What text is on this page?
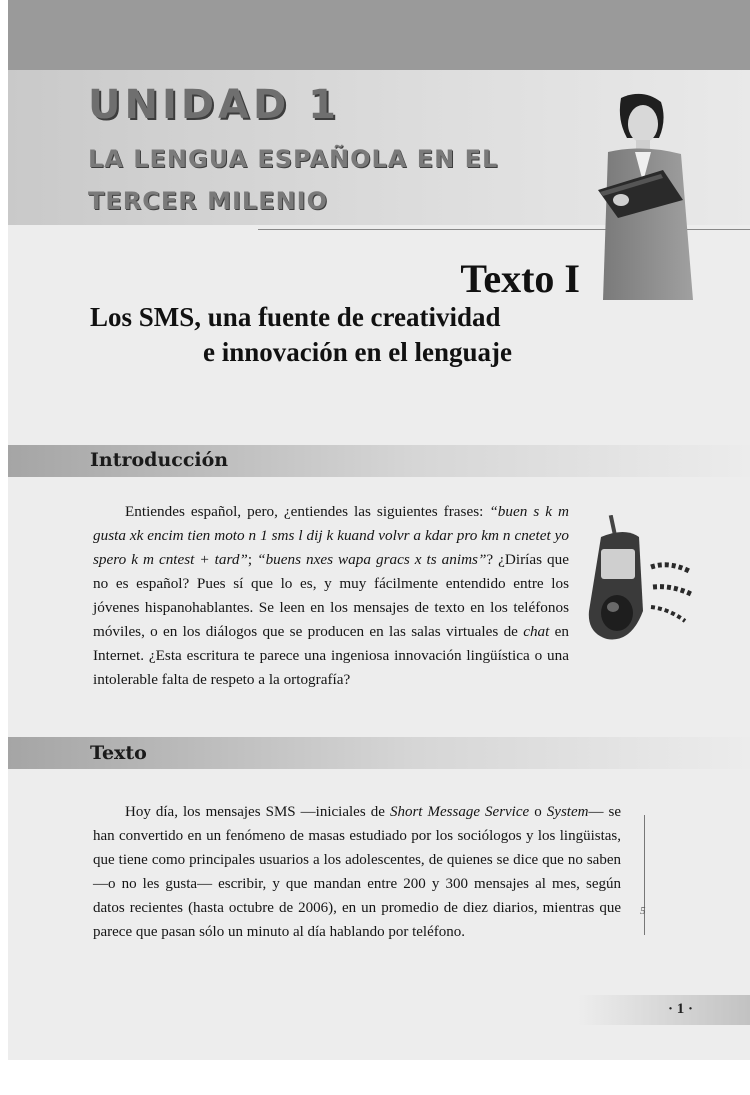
UNIDAD 1
LA LENGUA ESPAÑOLA EN EL
TERCER MILENIO
Texto I
Los SMS, una fuente de creatividad
e innovación en el lenguaje
Introducción

Entiendes español, pero, ¿entiendes las siguientes frases: “buen s k m gusta xk encim tien moto n 1 sms l dij k kuand volvr a kdar pro km n cnetet yo spero k m cntest + tard”; “buens nxes wapa gracs x ts anims”? ¿Dirías que no es español? Pues sí que lo es, y muy fácilmente entendido entre los jóvenes hispanohablantes. Se leen en los mensajes de texto en los teléfonos móviles, o en los diálogos que se producen en las salas virtuales de chat en Internet. ¿Esta escritura te parece una ingeniosa innovación lingüística o una intolerable falta de respeto a la ortografía?

Texto

Hoy día, los mensajes SMS —iniciales de Short Message Service o System— se han convertido en un fenómeno de masas estudiado por los sociólogos y los lingüistas, que tiene como principales usuarios a los adolescentes, de quienes se dice que no saben —o no les gusta— escribir, y que mandan entre 200 y 300 mensajes al mes, según datos recientes (hasta octubre de 2006), en un promedio de diez diarios, mientras que parece que pasan sólo un minuto al día hablando por teléfono.

5
· 1 ·
